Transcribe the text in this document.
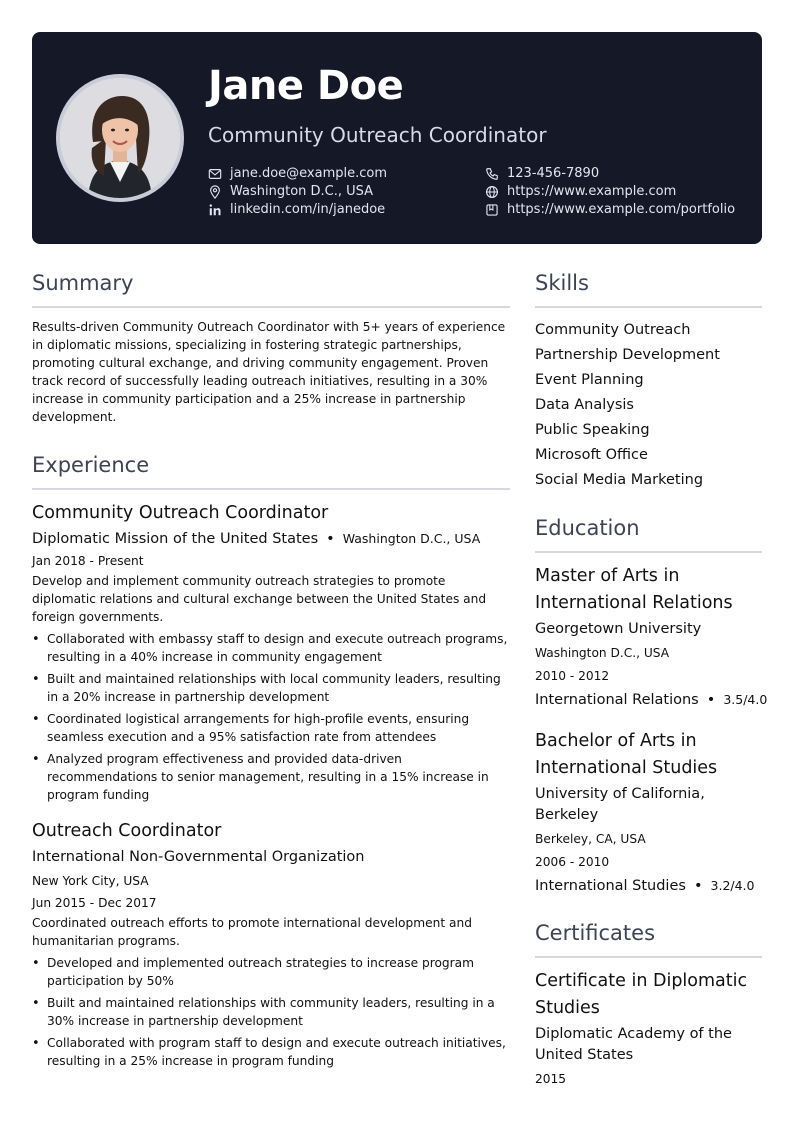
Jane Doe
Community Outreach Coordinator
jane.doe@example.com
Washington D.C., USA
linkedin.com/in/janedoe
123-456-7890
https://www.example.com
https://www.example.com/portfolio
Summary
Results-driven Community Outreach Coordinator with 5+ years of experience in diplomatic missions, specializing in fostering strategic partnerships, promoting cultural exchange, and driving community engagement. Proven track record of successfully leading outreach initiatives, resulting in a 30% increase in community participation and a 25% increase in partnership development.
Experience
Community Outreach Coordinator
Diplomatic Mission of the United States • Washington D.C., USA
Jan 2018 - Present
Develop and implement community outreach strategies to promote diplomatic relations and cultural exchange between the United States and foreign governments.
• Collaborated with embassy staff to design and execute outreach programs, resulting in a 40% increase in community engagement
• Built and maintained relationships with local community leaders, resulting in a 20% increase in partnership development
• Coordinated logistical arrangements for high-profile events, ensuring seamless execution and a 95% satisfaction rate from attendees
• Analyzed program effectiveness and provided data-driven recommendations to senior management, resulting in a 15% increase in program funding
Outreach Coordinator
International Non-Governmental Organization
New York City, USA
Jun 2015 - Dec 2017
Coordinated outreach efforts to promote international development and humanitarian programs.
• Developed and implemented outreach strategies to increase program participation by 50%
• Built and maintained relationships with community leaders, resulting in a 30% increase in partnership development
• Collaborated with program staff to design and execute outreach initiatives, resulting in a 25% increase in program funding
Skills
Community Outreach
Partnership Development
Event Planning
Data Analysis
Public Speaking
Microsoft Office
Social Media Marketing
Education
Master of Arts in International Relations
Georgetown University
Washington D.C., USA
2010 - 2012
International Relations • 3.5/4.0
Bachelor of Arts in International Studies
University of California, Berkeley
Berkeley, CA, USA
2006 - 2010
International Studies • 3.2/4.0
Certificates
Certificate in Diplomatic Studies
Diplomatic Academy of the United States
2015
